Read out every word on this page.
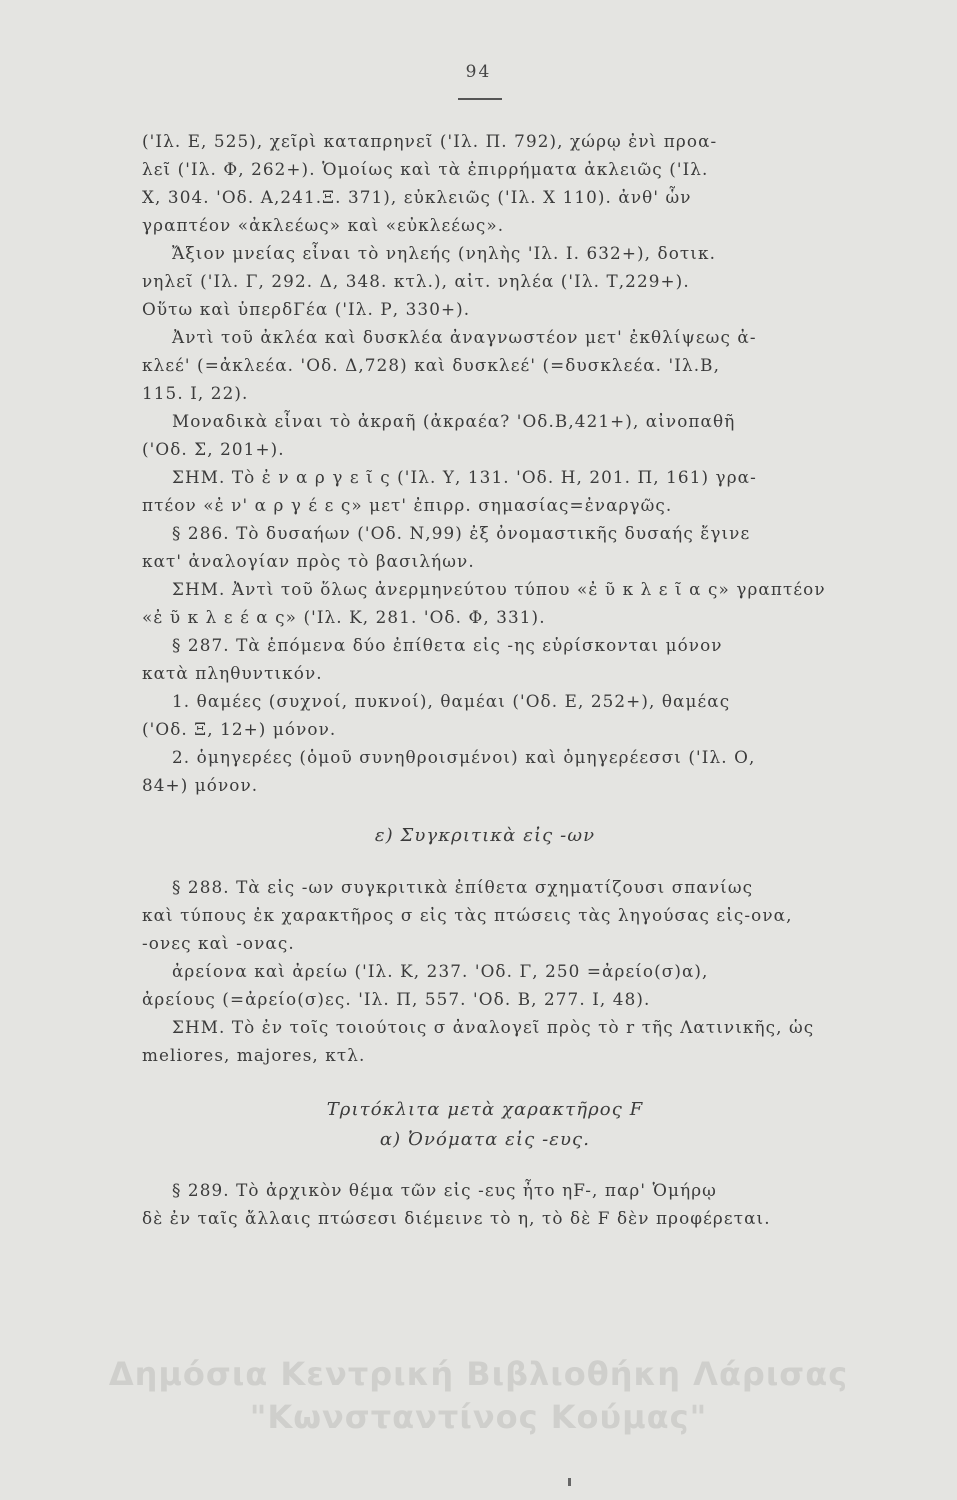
94
('Ιλ. Ε, 525), χεῖρὶ καταπρηνεῖ ('Ιλ. Π. 792), χώρῳ ἐνὶ προα-
λεῖ ('Ιλ. Φ, 262+). Ὁμοίως καὶ τὰ ἐπιρρήματα ἀκλειῶς ('Ιλ.
Χ, 304. 'Οδ. Α,241.Ξ. 371), εὐκλειῶς ('Ιλ. Χ 110). ἀνθ' ὧν
γραπτέον «ἀκλεέως» καὶ «εὐκλεέως».
Ἄξιον μνείας εἶναι τὸ νηλεής (νηλὴς 'Ιλ. Ι. 632+), δοτικ.
νηλεῖ ('Ιλ. Γ, 292. Δ, 348. κτλ.), αἰτ. νηλέα ('Ιλ. Τ,229+).
Οὕτω καὶ ὑπερδΓέα ('Ιλ. Ρ, 330+).
Ἀντὶ τοῦ ἀκλέα καὶ δυσκλέα ἀναγνωστέον μετ' ἐκθλίψεως ἀ-
κλεέ' (=ἀκλεέα. 'Οδ. Δ,728) καὶ δυσκλεέ' (=δυσκλεέα. 'Ιλ.Β,
115. Ι, 22).
Μοναδικὰ εἶναι τὸ ἀκραῆ (ἀκραέα? 'Οδ.Β,421+), αἰνοπαθῆ
('Οδ. Σ, 201+).
ΣΗΜ. Τὸ ἐ ν α ρ γ ε ῖ ς ('Ιλ. Υ, 131. 'Οδ. Η, 201. Π, 161) γρα-
πτέον «ἐ ν' α ρ γ έ ε ς» μετ' ἐπιρρ. σημασίας=ἐναργῶς.
§ 286. Τὸ δυσαήων ('Οδ. Ν,99) ἐξ ὀνομαστικῆς δυσαής ἔγινε
κατ' ἀναλογίαν πρὸς τὸ βασιλήων.
ΣΗΜ. Ἀντὶ τοῦ ὅλως ἀνερμηνεύτου τύπου «ἐ ῦ κ λ ε ῖ α ς» γραπτέον
«ἐ ῦ κ λ ε έ α ς» ('Ιλ. Κ, 281. 'Οδ. Φ, 331).
§ 287. Τὰ ἑπόμενα δύο ἐπίθετα εἰς -ης εὑρίσκονται μόνον
κατὰ πληθυντικόν.
1. θαμέες (συχνοί, πυκνοί), θαμέαι ('Οδ. Ε, 252+), θαμέας
('Οδ. Ξ, 12+) μόνον.
2. ὁμηγερέες (ὁμοῦ συνηθροισμένοι) καὶ ὁμηγερέεσσι ('Ιλ. Ο,
84+) μόνον.
ε) Συγκριτικὰ εἰς -ων
§ 288. Τὰ εἰς -ων συγκριτικὰ ἐπίθετα σχηματίζουσι σπανίως
καὶ τύπους ἐκ χαρακτῆρος σ εἰς τὰς πτώσεις τὰς ληγούσας εἰς-ονα,
-ονες καὶ -ονας.
ἀρείονα καὶ ἀρείω ('Ιλ. Κ, 237. 'Οδ. Γ, 250 =ἀρείο(σ)α),
ἀρείους (=ἀρείο(σ)ες. 'Ιλ. Π, 557. 'Οδ. Β, 277. Ι, 48).
ΣΗΜ. Τὸ ἐν τοῖς τοιούτοις σ ἀναλογεῖ πρὸς τὸ r τῆς Λατινικῆς, ὡς
meliores, majores, κτλ.
Τριτόκλιτα μετὰ χαρακτῆρος F
α) Ὀνόματα εἰς -ευς.
§ 289. Τὸ ἀρχικὸν θέμα τῶν εἰς -ευς ἦτο ηF-, παρ' Ὁμήρῳ
δὲ ἐν ταῖς ἄλλαις πτώσεσι διέμεινε τὸ η, τὸ δὲ F δὲν προφέρεται.
Δημόσια Κεντρική Βιβλιοθήκη Λάρισας
"Κωνσταντίνος Κούμας"
